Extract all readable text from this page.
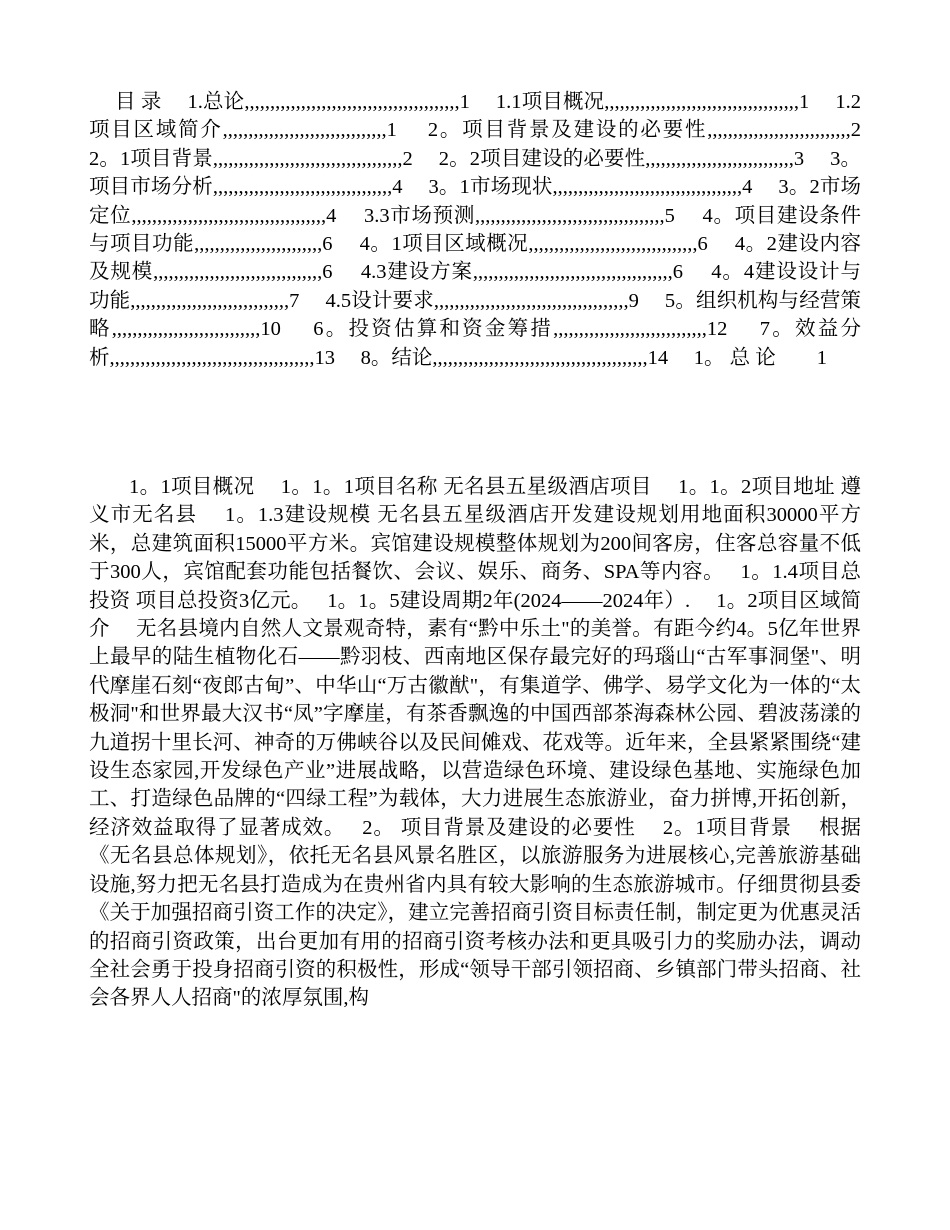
目 录　 1.总论,,,,,,,,,,,,,,,,,,,,,,,,,,,,,,,,,,,,,,,,,,1　 1.1项目概况,,,,,,,,,,,,,,,,,,,,,,,,,,,,,,,,,,,,,,1　 1.2项目区域简介,,,,,,,,,,,,,,,,,,,,,,,,,,,,,,,,1　 2。项目背景及建设的必要性,,,,,,,,,,,,,,,,,,,,,,,,,,,,2　 2。1项目背景,,,,,,,,,,,,,,,,,,,,,,,,,,,,,,,,,,,,,2　 2。2项目建设的必要性,,,,,,,,,,,,,,,,,,,,,,,,,,,,,3　 3。项目市场分析,,,,,,,,,,,,,,,,,,,,,,,,,,,,,,,,,,,4　 3。1市场现状,,,,,,,,,,,,,,,,,,,,,,,,,,,,,,,,,,,,,4　 3。2市场定位,,,,,,,,,,,,,,,,,,,,,,,,,,,,,,,,,,,,,,4　 3.3市场预测,,,,,,,,,,,,,,,,,,,,,,,,,,,,,,,,,,,,,5　 4。项目建设条件与项目功能,,,,,,,,,,,,,,,,,,,,,,,,,6　 4。1项目区域概况,,,,,,,,,,,,,,,,,,,,,,,,,,,,,,,,,6　 4。2建设内容及规模,,,,,,,,,,,,,,,,,,,,,,,,,,,,,,,,,6　 4.3建设方案,,,,,,,,,,,,,,,,,,,,,,,,,,,,,,,,,,,,,,,6　 4。4建设设计与功能,,,,,,,,,,,,,,,,,,,,,,,,,,,,,,,7　 4.5设计要求,,,,,,,,,,,,,,,,,,,,,,,,,,,,,,,,,,,,,,9　 5。组织机构与经营策略,,,,,,,,,,,,,,,,,,,,,,,,,,,,,10　 6。投资估算和资金筹措,,,,,,,,,,,,,,,,,,,,,,,,,,,,,,12　 7。效益分析,,,,,,,,,,,,,,,,,,,,,,,,,,,,,,,,,,,,,,,,13　 8。结论,,,,,,,,,,,,,,,,,,,,,,,,,,,,,,,,,,,,,,,,,,14　 1。 总 论　　1

1。1项目概况　 1。1。1项目名称 无名县五星级酒店项目　 1。1。2项目地址 遵义市无名县　 1。1.3建设规模 无名县五星级酒店开发建设规划用地面积30000平方米，总建筑面积15000平方米。宾馆建设规模整体规划为200间客房，住客总容量不低于300人，宾馆配套功能包括餐饮、会议、娱乐、商务、SPA等内容。　 1。1.4项目总投资 项目总投资3亿元。　 1。1。5建设周期2年(2024——2024年）.　 1。2项目区域简介　 无名县境内自然人文景观奇特，素有“黔中乐土"的美誉。有距今约4。5亿年世界上最早的陆生植物化石——黔羽枝、西南地区保存最完好的玛瑙山“古军事洞堡"、明代摩崖石刻“夜郎古甸”、中华山“万古徽猷"，有集道学、佛学、易学文化为一体的“太极洞"和世界最大汉书“凤”字摩崖，有茶香飘逸的中国西部茶海森林公园、碧波荡漾的九道拐十里长河、神奇的万佛峡谷以及民间傩戏、花戏等。近年来，全县紧紧围绕“建设生态家园,开发绿色产业”进展战略，以营造绿色环境、建设绿色基地、实施绿色加工、打造绿色品牌的“四绿工程”为载体，大力进展生态旅游业，奋力拼博,开拓创新，经济效益取得了显著成效。　 2。 项目背景及建设的必要性　 2。1项目背景　 根据《无名县总体规划》，依托无名县风景名胜区，以旅游服务为进展核心,完善旅游基础设施,努力把无名县打造成为在贵州省内具有较大影响的生态旅游城市。仔细贯彻县委《关于加强招商引资工作的决定》，建立完善招商引资目标责任制，制定更为优惠灵活的招商引资政策，出台更加有用的招商引资考核办法和更具吸引力的奖励办法，调动全社会勇于投身招商引资的积极性，形成“领导干部引领招商、乡镇部门带头招商、社会各界人人招商"的浓厚氛围,构
